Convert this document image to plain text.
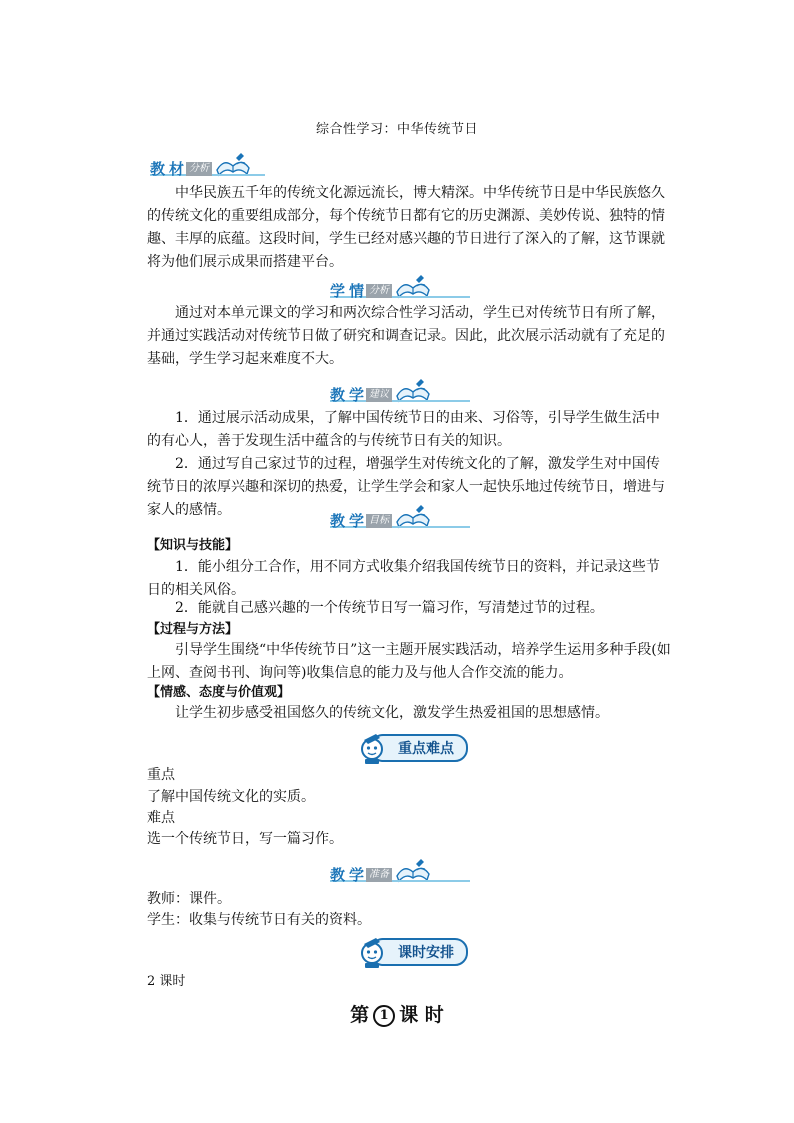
综合性学习：中华传统节日
教 材 分析
中华民族五千年的传统文化源远流长，博大精深。中华传统节日是中华民族悠久的传统文化的重要组成部分，每个传统节日都有它的历史渊源、美妙传说、独特的情趣、丰厚的底蕴。这段时间，学生已经对感兴趣的节日进行了深入的了解，这节课就将为他们展示成果而搭建平台。
学 情 分析
通过对本单元课文的学习和两次综合性学习活动，学生已对传统节日有所了解，并通过实践活动对传统节日做了研究和调查记录。因此，此次展示活动就有了充足的基础，学生学习起来难度不大。
教 学 建议
1．通过展示活动成果，了解中国传统节日的由来、习俗等，引导学生做生活中的有心人，善于发现生活中蕴含的与传统节日有关的知识。
2．通过写自己家过节的过程，增强学生对传统文化的了解，激发学生对中国传统节日的浓厚兴趣和深切的热爱，让学生学会和家人一起快乐地过传统节日，增进与家人的感情。
教 学 目标
【知识与技能】
1．能小组分工合作，用不同方式收集介绍我国传统节日的资料，并记录这些节日的相关风俗。
2．能就自己感兴趣的一个传统节日写一篇习作，写清楚过节的过程。
【过程与方法】
引导学生围绕“中华传统节日”这一主题开展实践活动，培养学生运用多种手段(如上网、查阅书刊、询问等)收集信息的能力及与他人合作交流的能力。
【情感、态度与价值观】
让学生初步感受祖国悠久的传统文化，激发学生热爱祖国的思想感情。
重点难点
重点
了解中国传统文化的实质。
难点
选一个传统节日，写一篇习作。
教 学 准备
教师：课件。
学生：收集与传统节日有关的资料。
课时安排
2 课时
第 1 课 时
